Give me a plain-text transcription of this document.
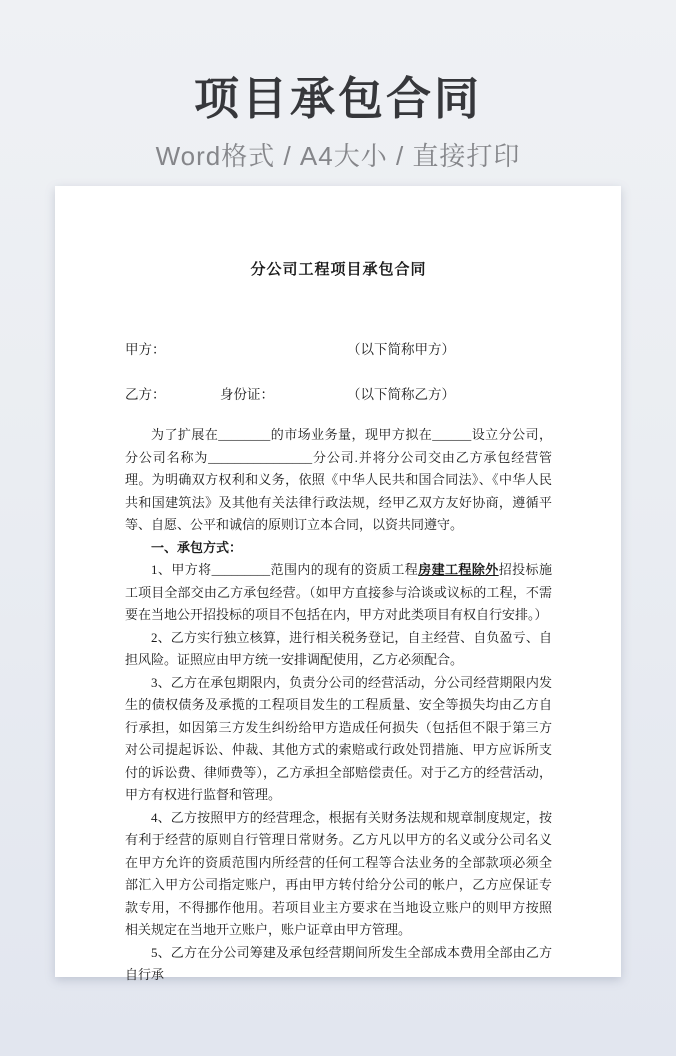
项目承包合同
Word格式 / A4大小 / 直接打印
分公司工程项目承包合同
甲方：	（以下简称甲方）
乙方：	身份证：	（以下简称乙方）

为了扩展在________的市场业务量，现甲方拟在______设立分公司，分公司名称为________________分公司.并将分公司交由乙方承包经营管理。为明确双方权利和义务，依照《中华人民共和国合同法》、《中华人民共和国建筑法》及其他有关法律行政法规，经甲乙双方友好协商，遵循平等、自愿、公平和诚信的原则订立本合同，以资共同遵守。

一、承包方式：

1、甲方将_________范围内的现有的资质工程房建工程除外招投标施工项目全部交由乙方承包经营。（如甲方直接参与洽谈或议标的工程，不需要在当地公开招投标的项目不包括在内，甲方对此类项目有权自行安排。）

2、乙方实行独立核算，进行相关税务登记，自主经营、自负盈亏、自担风险。证照应由甲方统一安排调配使用，乙方必须配合。

3、乙方在承包期限内，负责分公司的经营活动，分公司经营期限内发生的债权债务及承揽的工程项目发生的工程质量、安全等损失均由乙方自行承担，如因第三方发生纠纷给甲方造成任何损失（包括但不限于第三方对公司提起诉讼、仲裁、其他方式的索赔或行政处罚措施、甲方应诉所支付的诉讼费、律师费等），乙方承担全部赔偿责任。对于乙方的经营活动，甲方有权进行监督和管理。

4、乙方按照甲方的经营理念，根据有关财务法规和规章制度规定，按有利于经营的原则自行管理日常财务。乙方凡以甲方的名义或分公司名义在甲方允许的资质范围内所经营的任何工程等合法业务的全部款项必须全部汇入甲方公司指定账户，再由甲方转付给分公司的帐户，乙方应保证专款专用，不得挪作他用。若项目业主方要求在当地设立账户的则甲方按照相关规定在当地开立账户，账户证章由甲方管理。

5、乙方在分公司筹建及承包经营期间所发生全部成本费用全部由乙方自行承
